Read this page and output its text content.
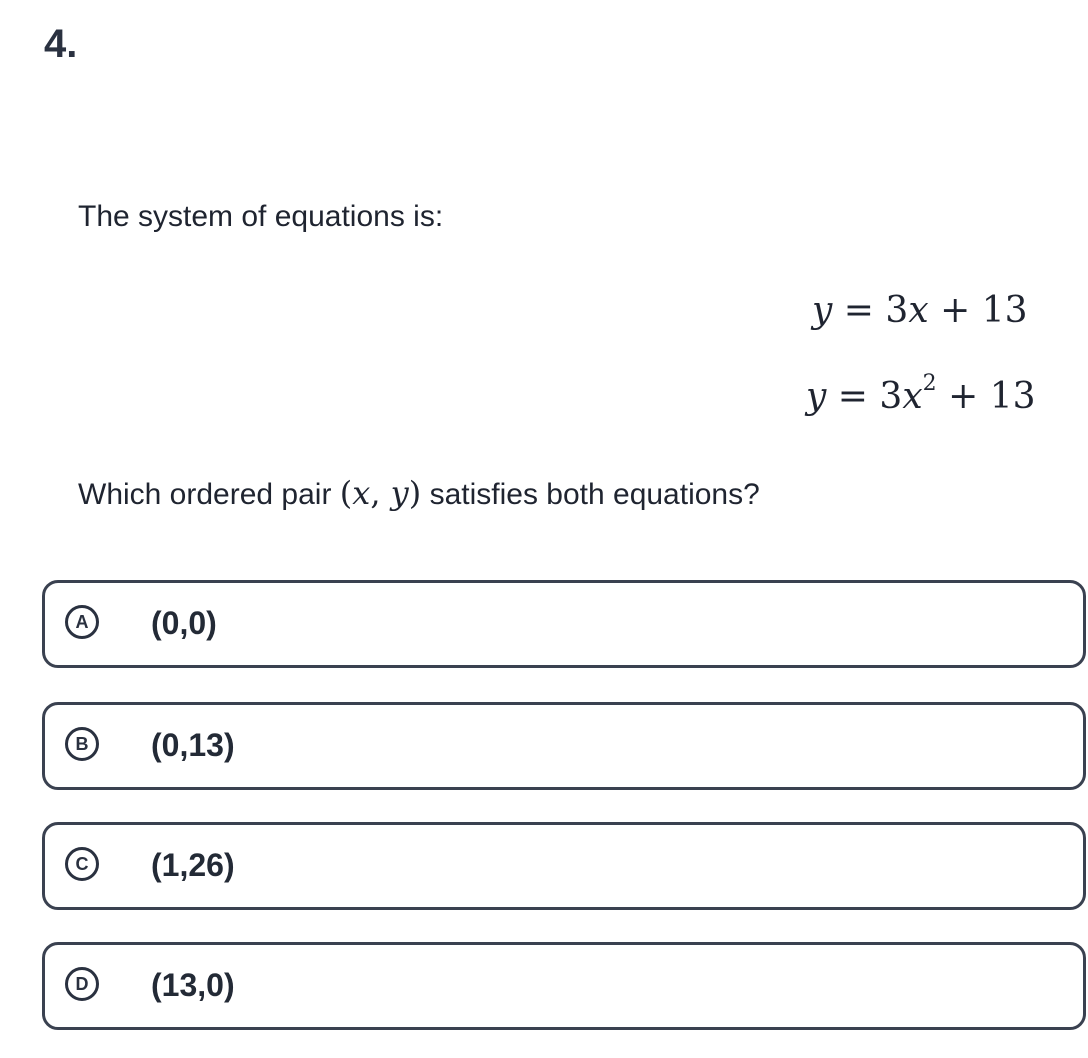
4.
The system of equations is:
y = 3x + 13
$y = 3x^2 + 13$
Which ordered pair (x, y) satisfies both equations?
A	(0,0)
B	(0,13)
C	(1,26)
D	(13,0)
